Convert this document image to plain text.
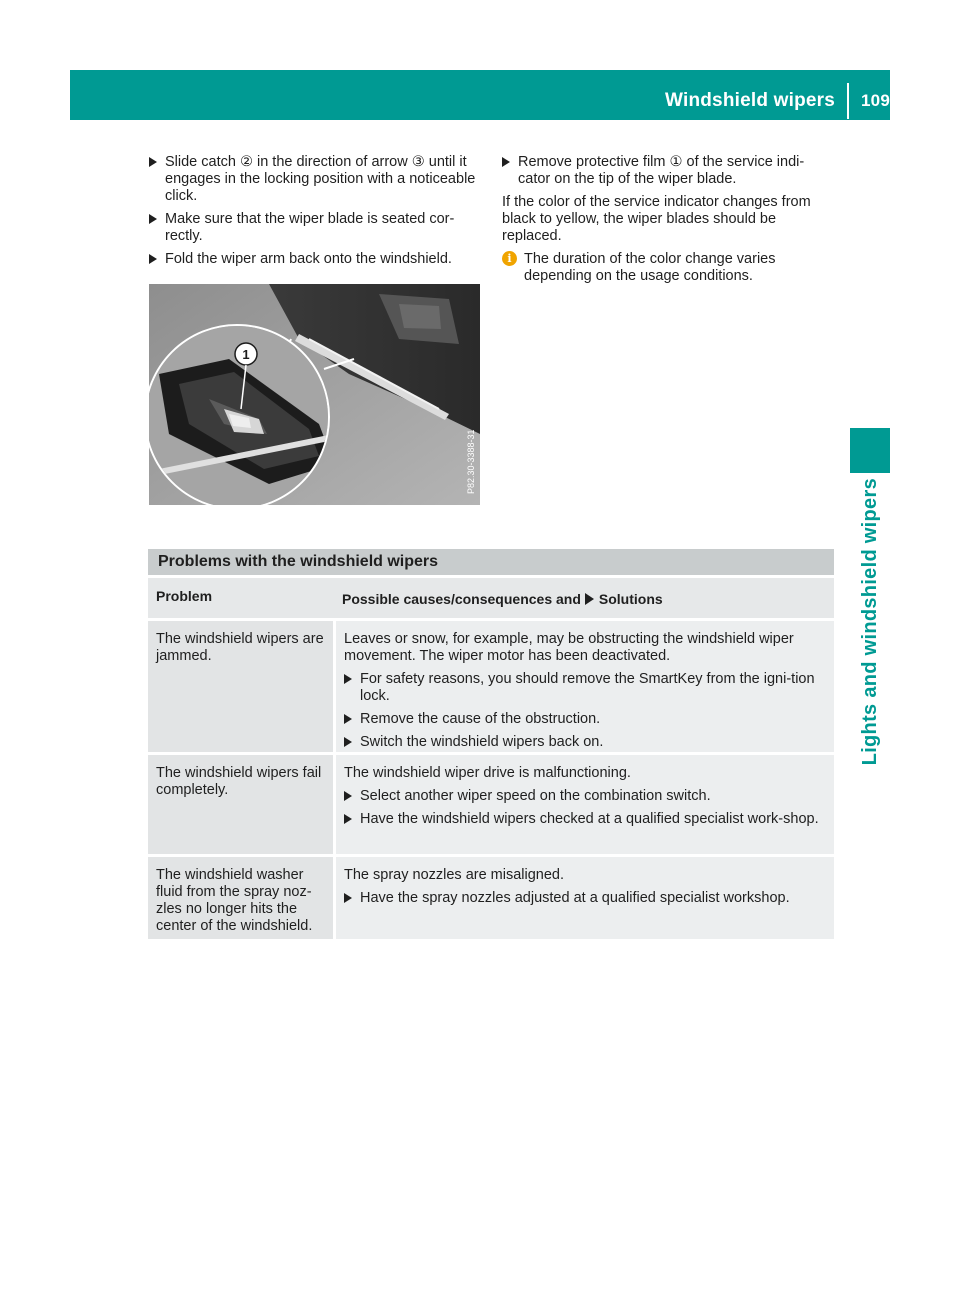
Windshield wipers 109
Lights and windshield wipers
Slide catch ② in the direction of arrow ③ until it engages in the locking position with a noticeable click.
Make sure that the wiper blade is seated cor-rectly.
Fold the wiper arm back onto the windshield.
1
P82.30-3388-31
Remove protective film ① of the service indi-cator on the tip of the wiper blade.
If the color of the service indicator changes from black to yellow, the wiper blades should be replaced.
i The duration of the color change varies depending on the usage conditions.
Problems with the windshield wipers
Problem	Possible causes/consequences and Solutions
The windshield wipers are jammed.
Leaves or snow, for example, may be obstructing the windshield wiper movement. The wiper motor has been deactivated.
For safety reasons, you should remove the SmartKey from the igni-tion lock.
Remove the cause of the obstruction.
Switch the windshield wipers back on.
The windshield wipers fail completely.
The windshield wiper drive is malfunctioning.
Select another wiper speed on the combination switch.
Have the windshield wipers checked at a qualified specialist work-shop.
The windshield washer fluid from the spray noz-zles no longer hits the center of the windshield.
The spray nozzles are misaligned.
Have the spray nozzles adjusted at a qualified specialist workshop.
